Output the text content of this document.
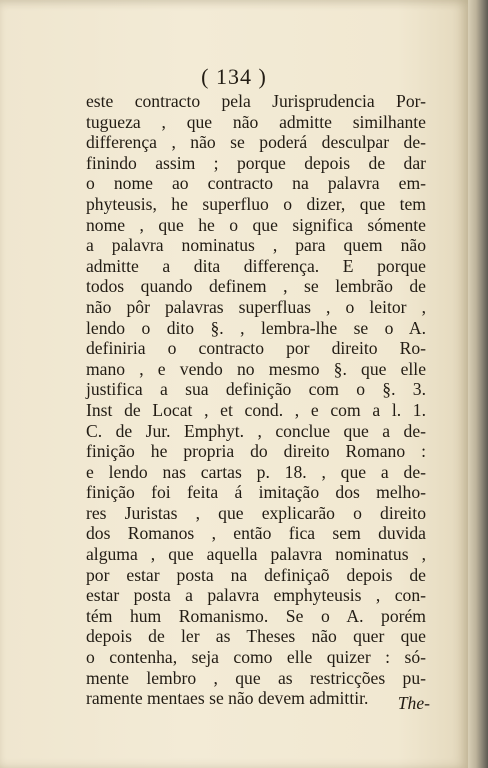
( 134 )
este contracto pela Jurisprudencia Por-
tugueza , que não admitte similhante
differença , não se poderá desculpar de-
finindo assim ; porque depois de dar
o nome ao contracto na palavra em-
phyteusis, he superfluo o dizer, que tem
nome , que he o que significa sómente
a palavra nominatus , para quem não
admitte a dita differença. E porque
todos quando definem , se lembrão de
não pôr palavras superfluas , o leitor ,
lendo o dito §. , lembra-lhe se o A.
definiria o contracto por direito Ro-
mano , e vendo no mesmo §. que elle
justifica a sua definição com o §. 3.
Inst de Locat , et cond. , e com a l. 1.
C. de Jur. Emphyt. , conclue que a de-
finição he propria do direito Romano :
e lendo nas cartas p. 18. , que a de-
finição foi feita á imitação dos melho-
res Juristas , que explicarão o direito
dos Romanos , então fica sem duvida
alguma , que aquella palavra nominatus ,
por estar posta na definiçaõ depois de
estar posta a palavra emphyteusis , con-
tém hum Romanismo. Se o A. porém
depois de ler as Theses não quer que
o contenha, seja como elle quizer : só-
mente lembro , que as restricções pu-
ramente mentaes se não devem admittir.	The-
